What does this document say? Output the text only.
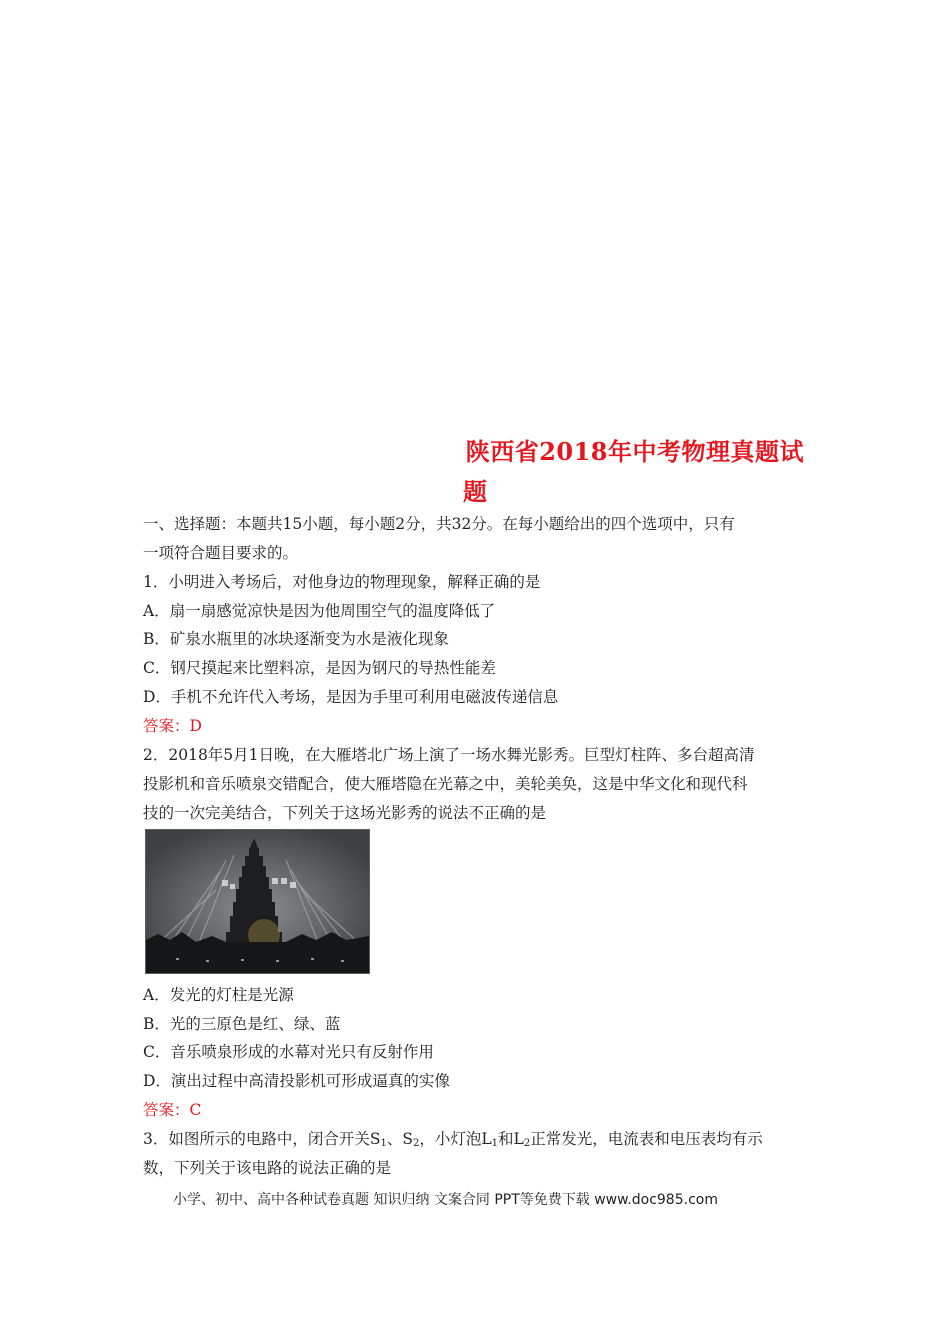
陕西省2018年中考物理真题试
题
一、选择题：本题共15小题，每小题2分，共32分。在每小题给出的四个选项中，只有
一项符合题目要求的。
1．小明进入考场后，对他身边的物理现象，解释正确的是
A．扇一扇感觉凉快是因为他周围空气的温度降低了
B．矿泉水瓶里的冰块逐渐变为水是液化现象
C．钢尺摸起来比塑料凉，是因为钢尺的导热性能差
D．手机不允许代入考场，是因为手里可利用电磁波传递信息
答案：D
2．2018年5月1日晚，在大雁塔北广场上演了一场水舞光影秀。巨型灯柱阵、多台超高清
投影机和音乐喷泉交错配合，使大雁塔隐在光幕之中，美轮美奂，这是中华文化和现代科
技的一次完美结合，下列关于这场光影秀的说法不正确的是
A．发光的灯柱是光源
B．光的三原色是红、绿、蓝
C．音乐喷泉形成的水幕对光只有反射作用
D．演出过程中高清投影机可形成逼真的实像
答案：C
3．如图所示的电路中，闭合开关$S_1$、$S_2$，小灯泡$L_1$和$L_2$正常发光，电流表和电压表均有示
数，下列关于该电路的说法正确的是
小学、初中、高中各种试卷真题 知识归纳 文案合同 PPT等免费下载 www.doc985.com
